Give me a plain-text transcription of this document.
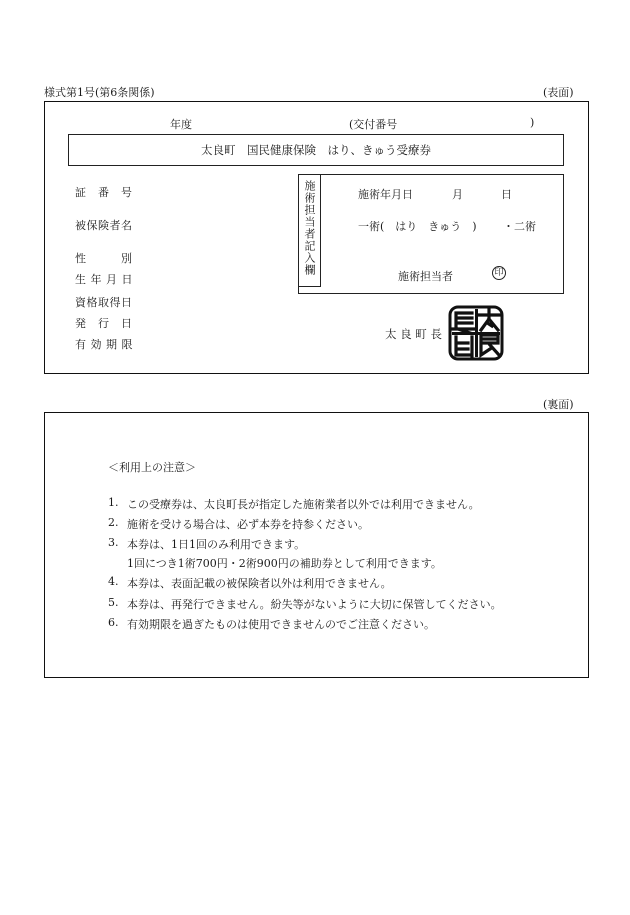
様式第1号(第6条関係)	(表面)
年度	(交付番号	)
太良町　国民健康保険　はり、きゅう受療券
証　番　号
被保険者名
性　　　別
生 年 月 日
資格取得日
発　行　日
有 効 期 限
施術担当者記入欄	施術年月日	月	日
一術(　はり　きゅう　) ・二術
施術担当者	印
太 良 町 長
(裏面)
＜利用上の注意＞
1. この受療券は、太良町長が指定した施術業者以外では利用できません。
2. 施術を受ける場合は、必ず本券を持参ください。
3. 本券は、1日1回のみ利用できます。
1回につき1術700円・2術900円の補助券として利用できます。
4. 本券は、表面記載の被保険者以外は利用できません。
5. 本券は、再発行できません。紛失等がないように大切に保管してください。
6. 有効期限を過ぎたものは使用できませんのでご注意ください。
